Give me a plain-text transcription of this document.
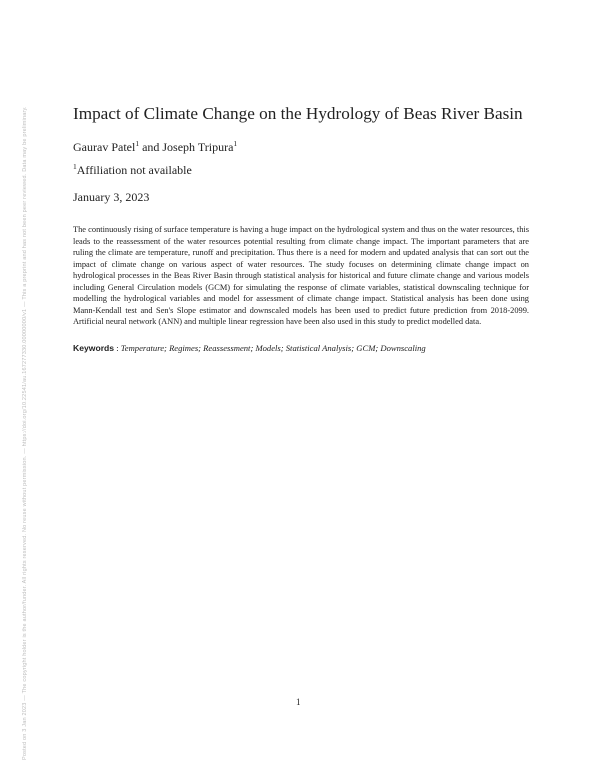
Posted on 3 Jan 2023 — The copyright holder is the author/funder. All rights reserved. No reuse without permission. — https://doi.org/10.22541/au.167277330.00000000/v1 — This a preprint and has not been peer reviewed. Data may be preliminary.	Impact of Climate Change on the Hydrology of Beas River Basin
Gaurav Patel$^1$ and Joseph Tripura$^1$
$^1$Affiliation not available
January 3, 2023

The continuously rising of surface temperature is having a huge impact on the hydrological system and thus on the water resources, this leads to the reassessment of the water resources potential resulting from climate change impact. The important parameters that are ruling the climate are temperature, runoff and precipitation. Thus there is a need for modern and updated analysis that can sort out the impact of climate change on various aspect of water resources. The study focuses on determining climate change impact on hydrological processes in the Beas River Basin through statistical analysis for historical and future climate change and various models including General Circulation models (GCM) for simulating the response of climate variables, statistical downscaling technique for modelling the hydrological variables and model for assessment of climate change impact. Statistical analysis has been done using Mann-Kendall test and Sen's Slope estimator and downscaled models has been used to predict future prediction from 2018-2099. Artificial neural network (ANN) and multiple linear regression have been also used in this study to predict modelled data.

Keywords : Temperature; Regimes; Reassessment; Models; Statistical Analysis; GCM; Downscaling
1
